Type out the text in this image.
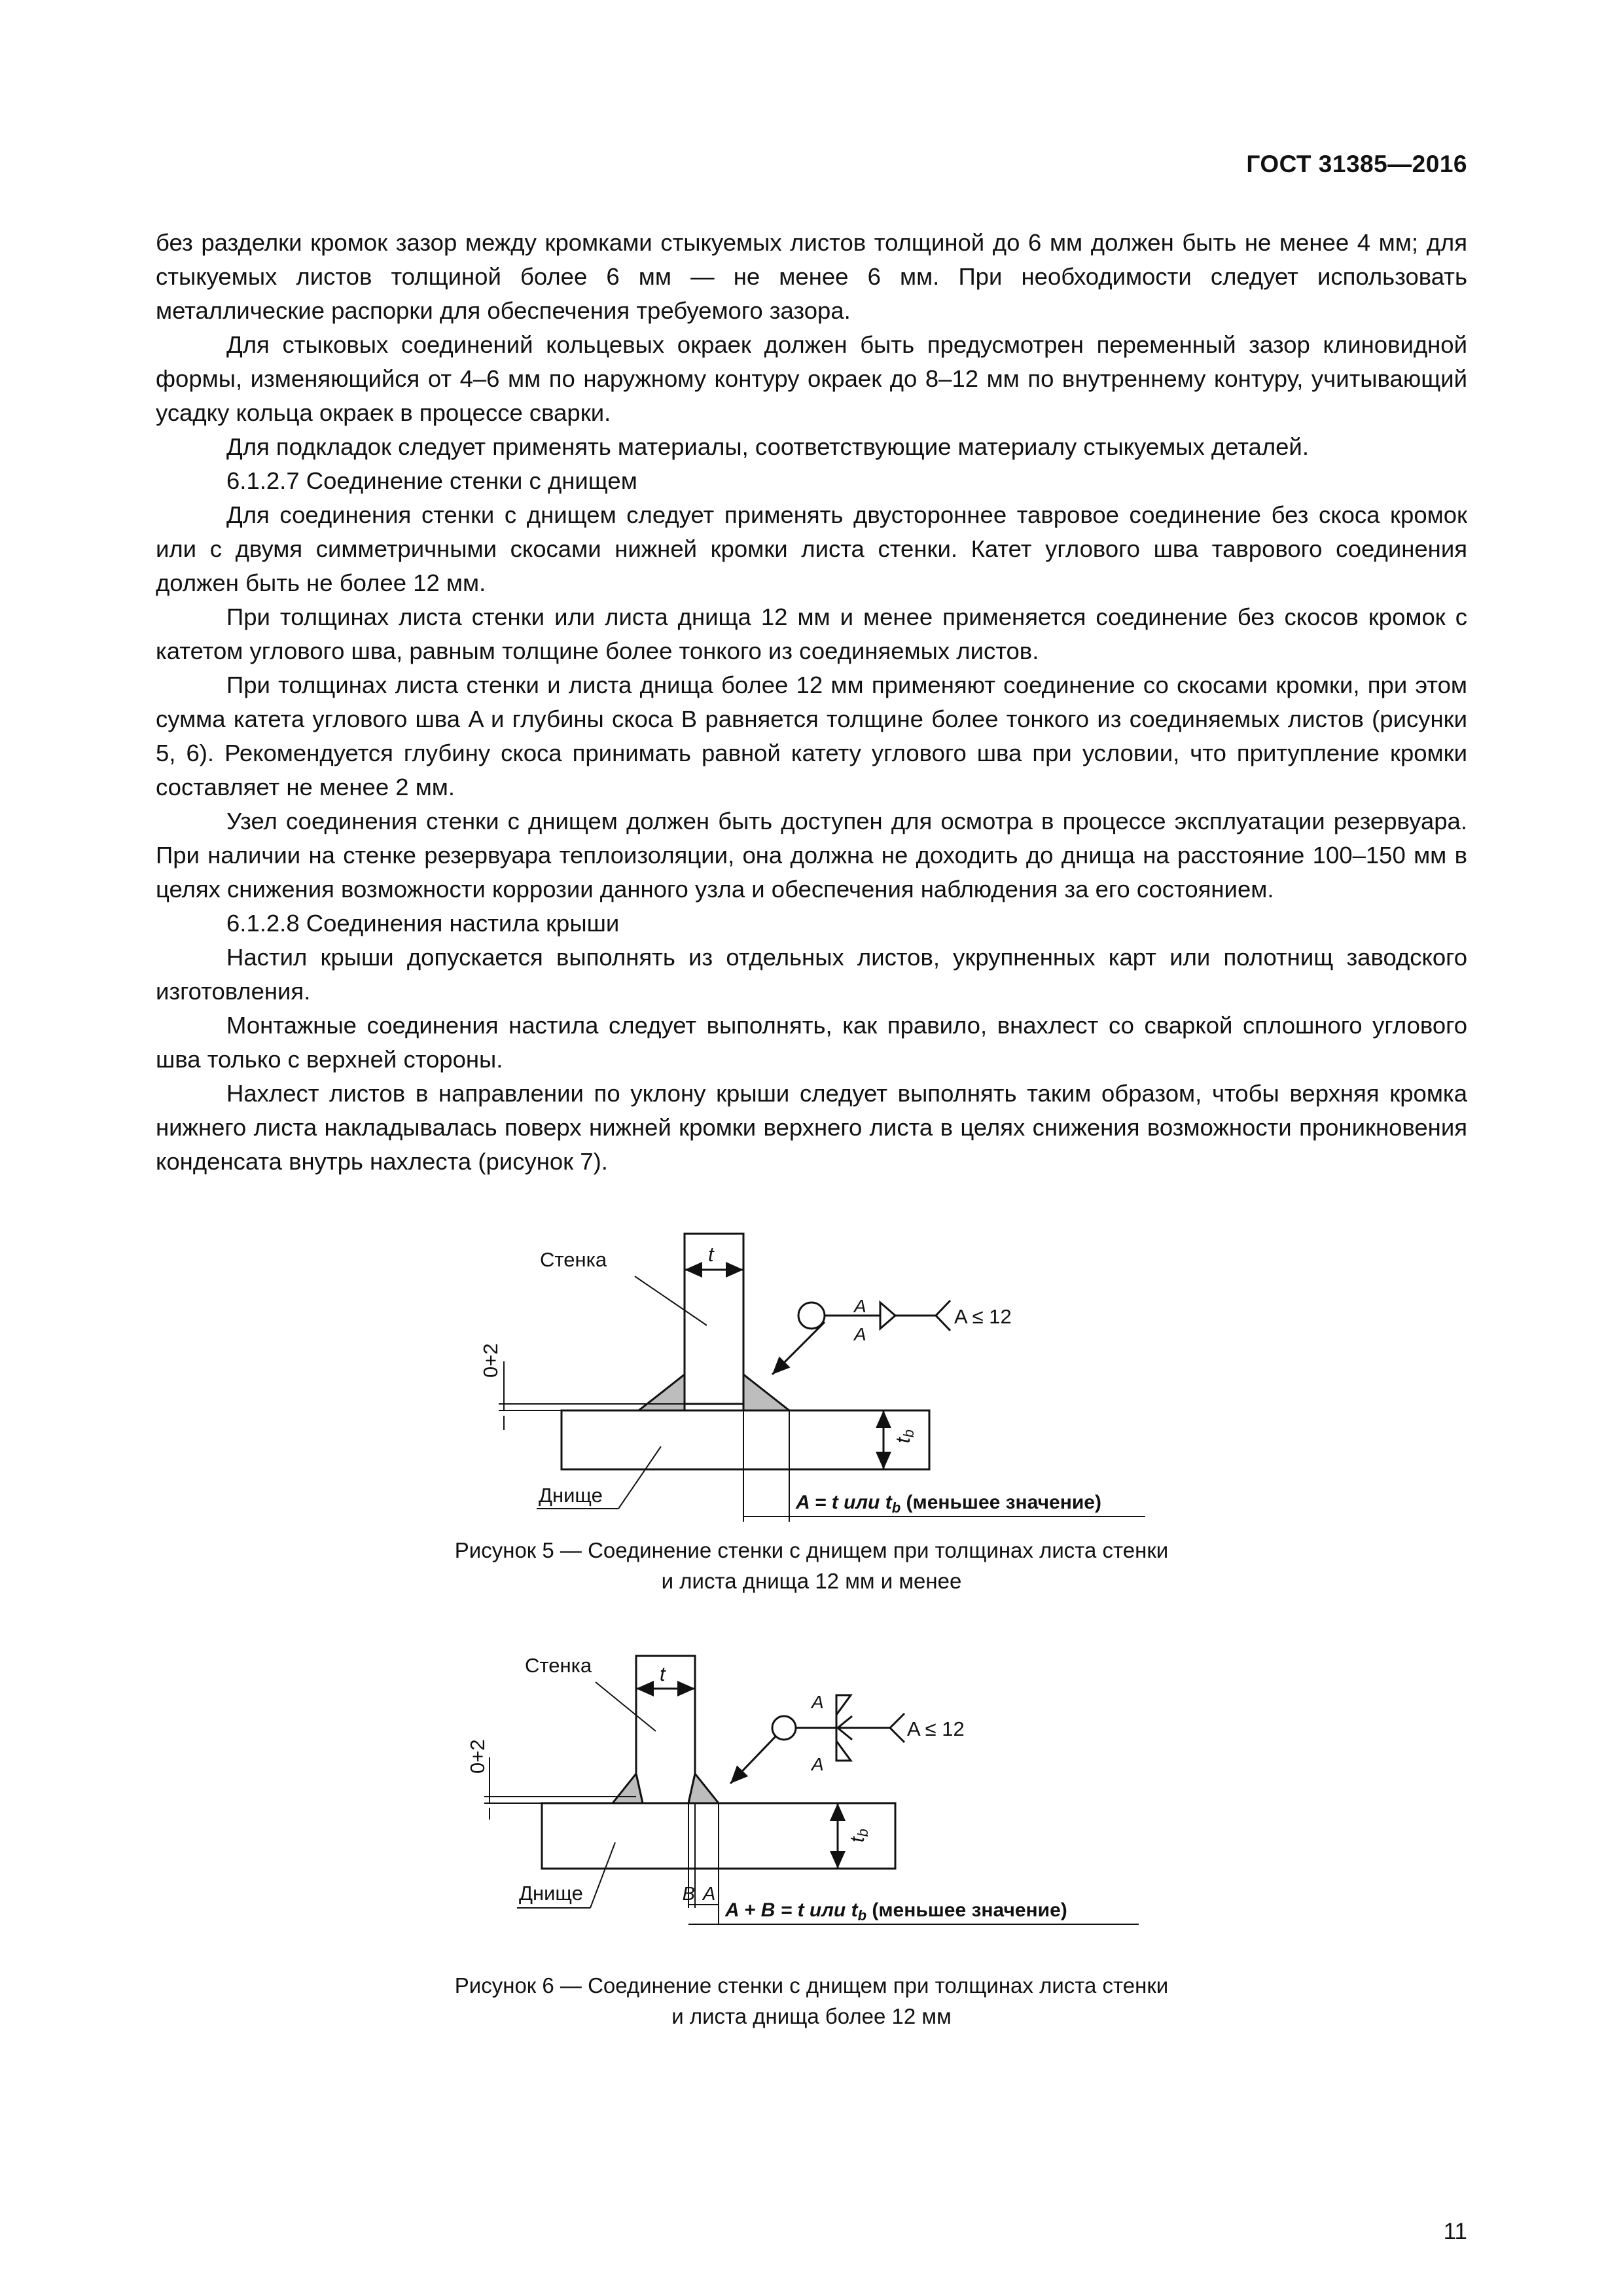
ГОСТ 31385—2016

без разделки кромок зазор между кромками стыкуемых листов толщиной до 6 мм должен быть не менее 4 мм; для стыкуемых листов толщиной более 6 мм — не менее 6 мм. При необходимости следует использовать металлические распорки для обеспечения требуемого зазора.

Для стыковых соединений кольцевых окраек должен быть предусмотрен переменный зазор клиновидной формы, изменяющийся от 4–6 мм по наружному контуру окраек до 8–12 мм по внутреннему контуру, учитывающий усадку кольца окраек в процессе сварки.

Для подкладок следует применять материалы, соответствующие материалу стыкуемых деталей.

6.1.2.7 Соединение стенки с днищем

Для соединения стенки с днищем следует применять двустороннее тавровое соединение без скоса кромок или с двумя симметричными скосами нижней кромки листа стенки. Катет углового шва таврового соединения должен быть не более 12 мм.

При толщинах листа стенки или листа днища 12 мм и менее применяется соединение без скосов кромок с катетом углового шва, равным толщине более тонкого из соединяемых листов.

При толщинах листа стенки и листа днища более 12 мм применяют соединение со скосами кромки, при этом сумма катета углового шва A и глубины скоса B равняется толщине более тонкого из соединяемых листов (рисунки 5, 6). Рекомендуется глубину скоса принимать равной катету углового шва при условии, что притупление кромки составляет не менее 2 мм.

Узел соединения стенки с днищем должен быть доступен для осмотра в процессе эксплуатации резервуара. При наличии на стенке резервуара теплоизоляции, она должна не доходить до днища на расстояние 100–150 мм в целях снижения возможности коррозии данного узла и обеспечения наблюдения за его состоянием.

6.1.2.8 Соединения настила крыши

Настил крыши допускается выполнять из отдельных листов, укрупненных карт или полотнищ заводского изготовления.

Монтажные соединения настила следует выполнять, как правило, внахлест со сваркой сплошного углового шва только с верхней стороны.

Нахлест листов в направлении по уклону крыши следует выполнять таким образом, чтобы верхняя кромка нижнего листа накладывалась поверх нижней кромки верхнего листа в целях снижения возможности проникновения конденсата внутрь нахлеста (рисунок 7).

Стенка	t
0+2
Днище
A
A
A ≤ 12
tb
A = t или $t_b$ (меньшее значение)
Рисунок 5 — Соединение стенки с днищем при толщинах листа стенки
и листа днища 12 мм и менее
Стенка	t
0+2
Днище
A
A
A ≤ 12
tb
B A
A + B = t или $t_b$ (меньшее значение)
Рисунок 6 — Соединение стенки с днищем при толщинах листа стенки
и листа днища более 12 мм
11
